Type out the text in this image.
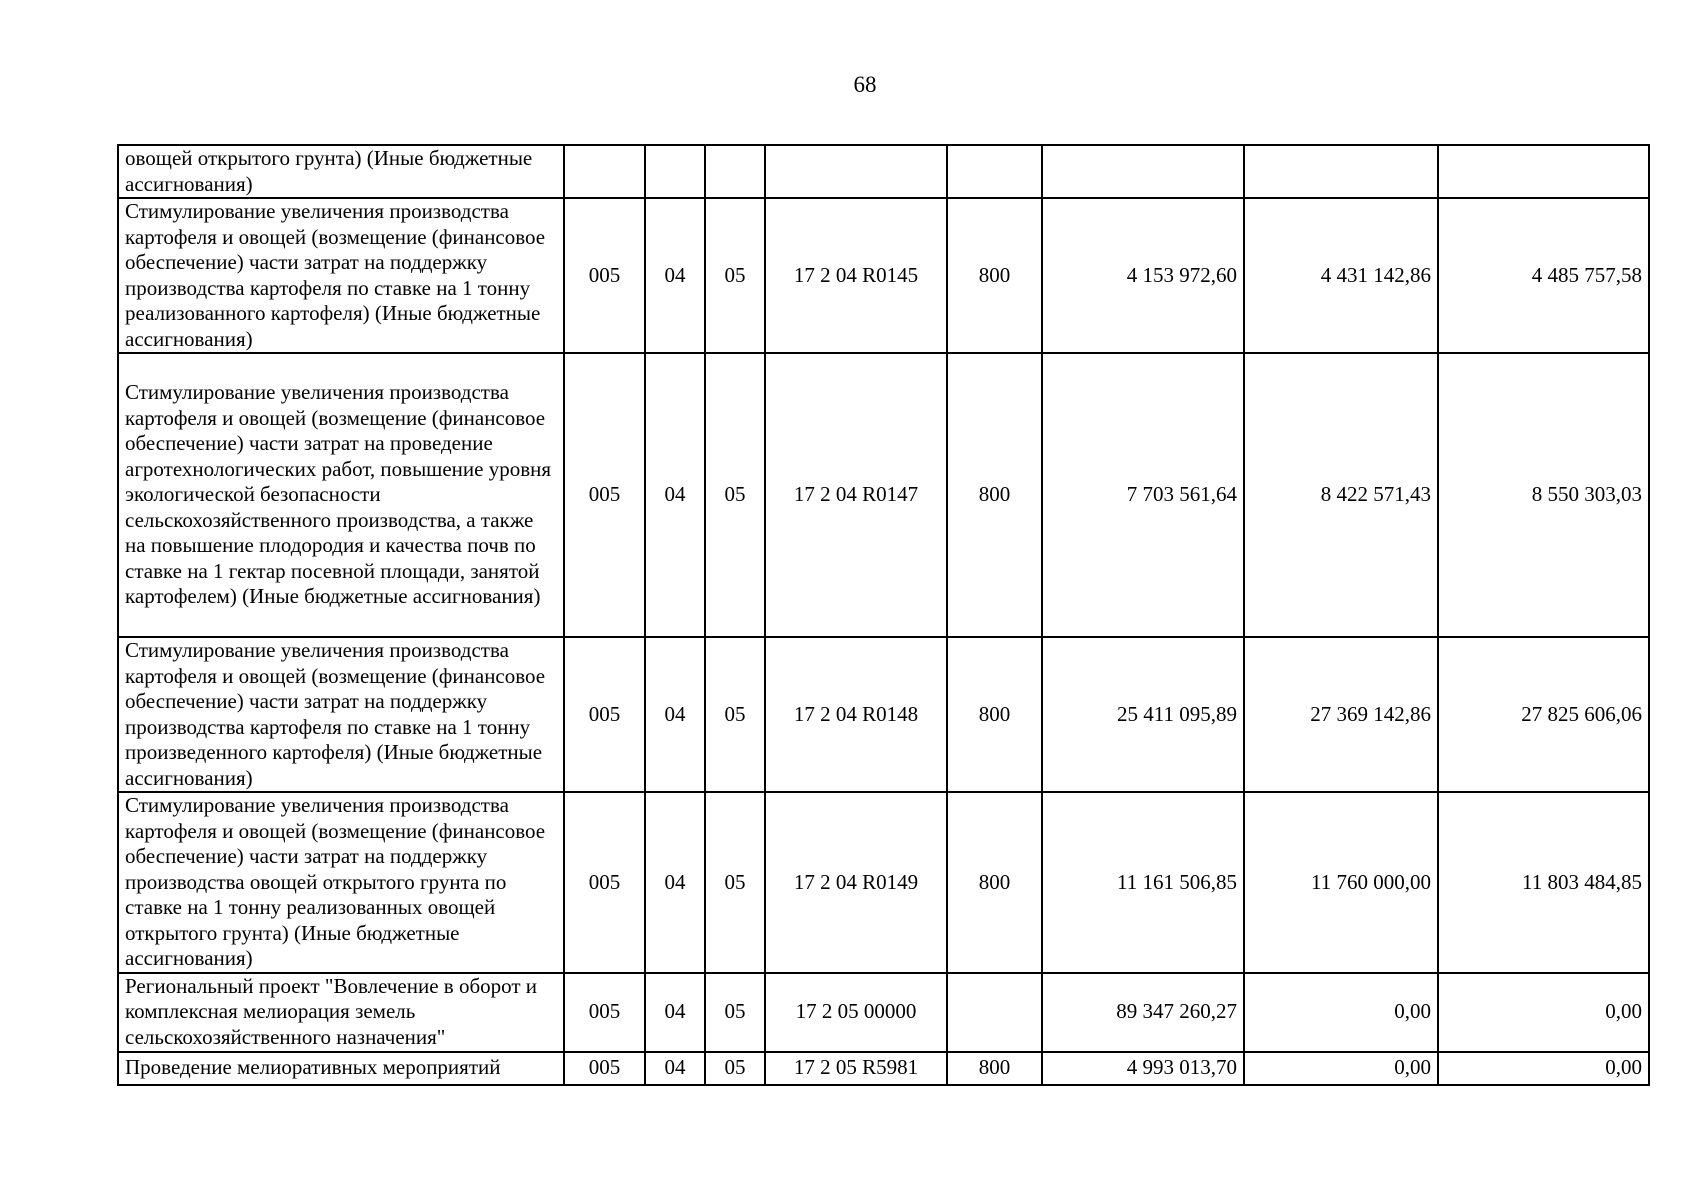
68
овощей открытого грунта) (Иные бюджетные ассигнования)								
Стимулирование увеличения производства картофеля и овощей (возмещение (финансовое обеспечение) части затрат на поддержку производства картофеля по ставке на 1 тонну реализованного картофеля) (Иные бюджетные ассигнования)	005	04	05	17 2 04 R0145	800	4 153 972,60	4 431 142,86	4 485 757,58
Стимулирование увеличения производства картофеля и овощей (возмещение (финансовое обеспечение) части затрат на проведение агротехнологических работ, повышение уровня экологической безопасности сельскохозяйственного производства, а также на повышение плодородия и качества почв по ставке на 1 гектар посевной площади, занятой картофелем) (Иные бюджетные ассигнования)	005	04	05	17 2 04 R0147	800	7 703 561,64	8 422 571,43	8 550 303,03
Стимулирование увеличения производства картофеля и овощей (возмещение (финансовое обеспечение) части затрат на поддержку производства картофеля по ставке на 1 тонну произведенного картофеля) (Иные бюджетные ассигнования)	005	04	05	17 2 04 R0148	800	25 411 095,89	27 369 142,86	27 825 606,06
Стимулирование увеличения производства картофеля и овощей (возмещение (финансовое обеспечение) части затрат на поддержку производства овощей открытого грунта по ставке на 1 тонну реализованных овощей открытого грунта) (Иные бюджетные ассигнования)	005	04	05	17 2 04 R0149	800	11 161 506,85	11 760 000,00	11 803 484,85
Региональный проект "Вовлечение в оборот и комплексная мелиорация земель сельскохозяйственного назначения"	005	04	05	17 2 05 00000		89 347 260,27	0,00	0,00
Проведение мелиоративных мероприятий	005	04	05	17 2 05 R5981	800	4 993 013,70	0,00	0,00
